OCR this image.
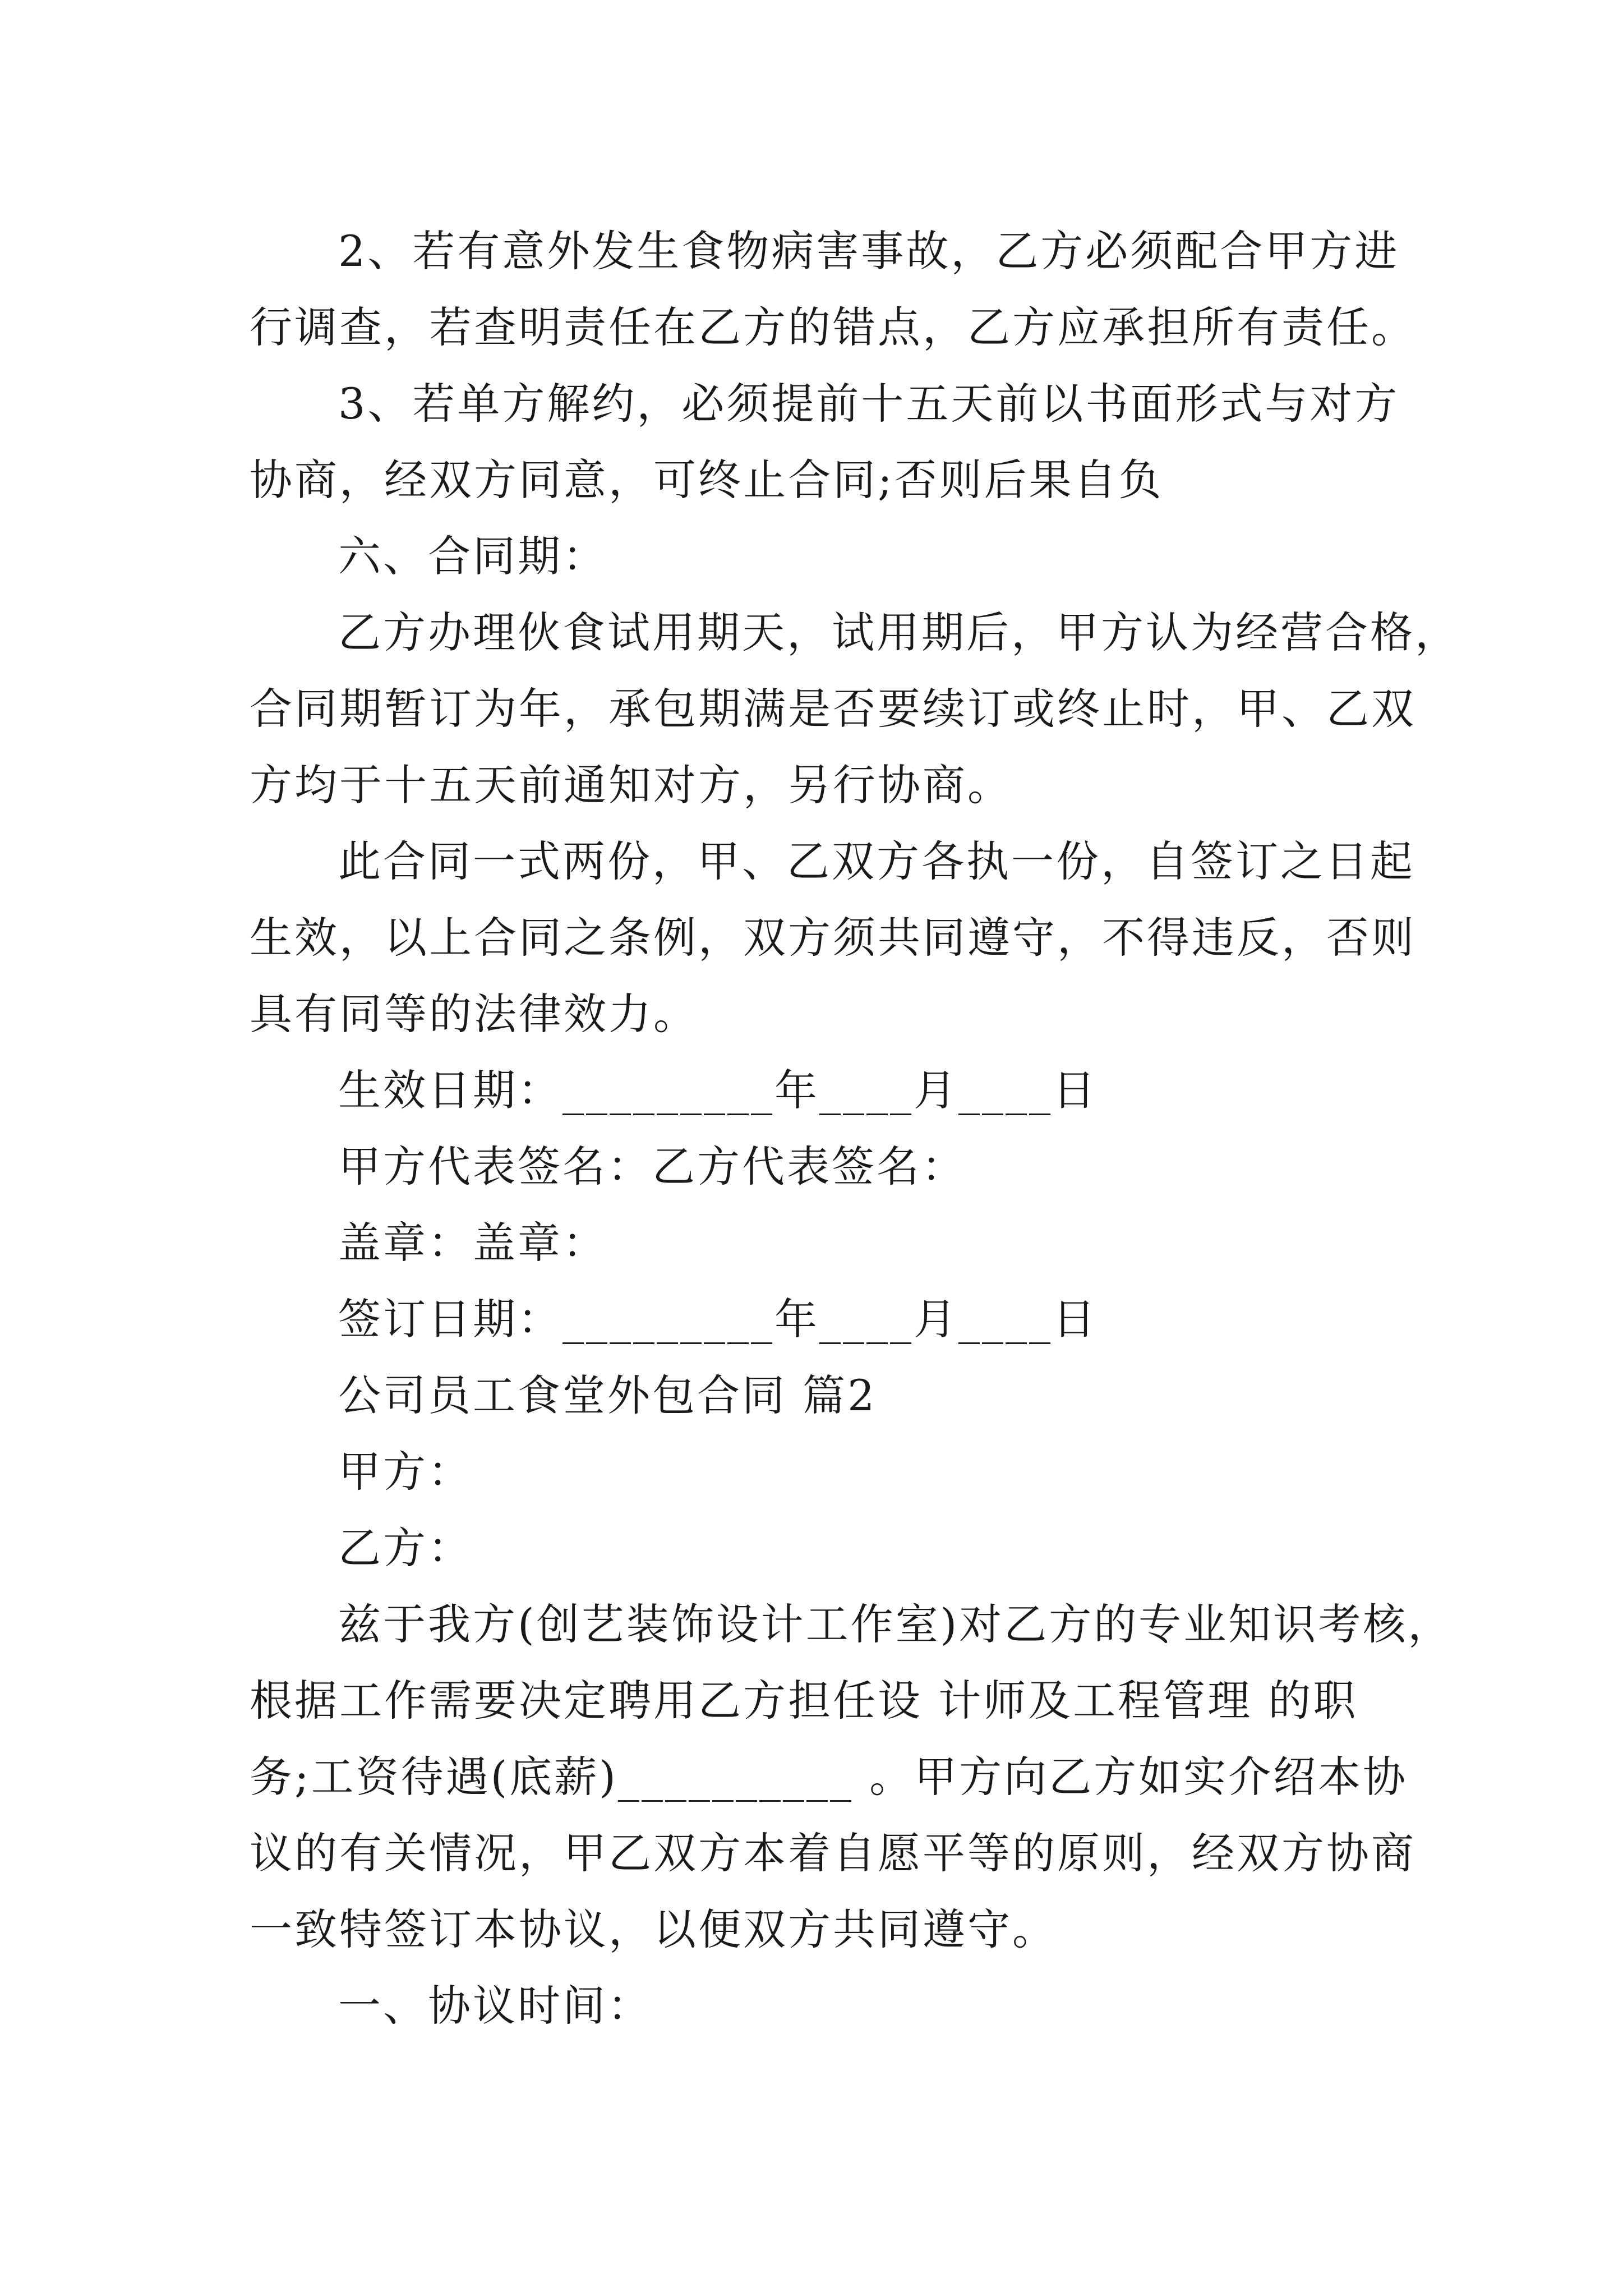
2、若有意外发生食物病害事故，乙方必须配合甲方进
行调查，若查明责任在乙方的错点，乙方应承担所有责任。
3、若单方解约，必须提前十五天前以书面形式与对方
协商，经双方同意，可终止合同;否则后果自负
六、合同期：
乙方办理伙食试用期天，试用期后，甲方认为经营合格，
合同期暂订为年，承包期满是否要续订或终止时，甲、乙双
方均于十五天前通知对方，另行协商。
此合同一式两份，甲、乙双方各执一份，自签订之日起
生效，以上合同之条例，双方须共同遵守，不得违反，否则
具有同等的法律效力。
生效日期：_________年____月____日
甲方代表签名：乙方代表签名：
盖章：盖章：
签订日期：_________年____月____日
公司员工食堂外包合同 篇2
甲方：
乙方：
兹于我方(创艺装饰设计工作室)对乙方的专业知识考核，
根据工作需要决定聘用乙方担任设 计师及工程管理 的职
务;工资待遇(底薪)__________ 。甲方向乙方如实介绍本协
议的有关情况，甲乙双方本着自愿平等的原则，经双方协商
一致特签订本协议，以便双方共同遵守。
一、协议时间：
